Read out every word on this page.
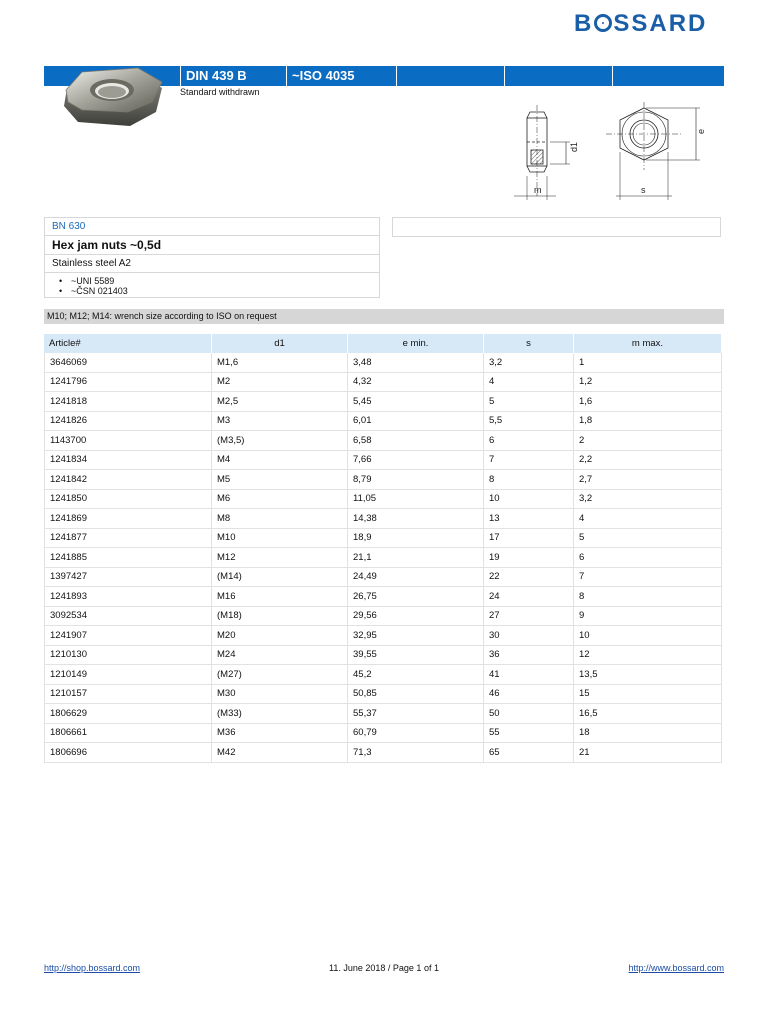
B SSARD
DIN 439 B	~ISO 4035
Standard withdrawn
d1
m
e
s
BN 630
Hex jam nuts ~0,5d
Stainless steel A2
• ~UNI 5589
• ~ČSN 021403
M10; M12; M14: wrench size according to ISO on request
Article#	d1	e min.	s	m max.
3646069	M1,6	3,48	3,2	1
1241796	M2	4,32	4	1,2
1241818	M2,5	5,45	5	1,6
1241826	M3	6,01	5,5	1,8
1143700	(M3,5)	6,58	6	2
1241834	M4	7,66	7	2,2
1241842	M5	8,79	8	2,7
1241850	M6	11,05	10	3,2
1241869	M8	14,38	13	4
1241877	M10	18,9	17	5
1241885	M12	21,1	19	6
1397427	(M14)	24,49	22	7
1241893	M16	26,75	24	8
3092534	(M18)	29,56	27	9
1241907	M20	32,95	30	10
1210130	M24	39,55	36	12
1210149	(M27)	45,2	41	13,5
1210157	M30	50,85	46	15
1806629	(M33)	55,37	50	16,5
1806661	M36	60,79	55	18
1806696	M42	71,3	65	21
http://shop.bossard.com	11. June 2018 / Page 1 of 1	http://www.bossard.com
